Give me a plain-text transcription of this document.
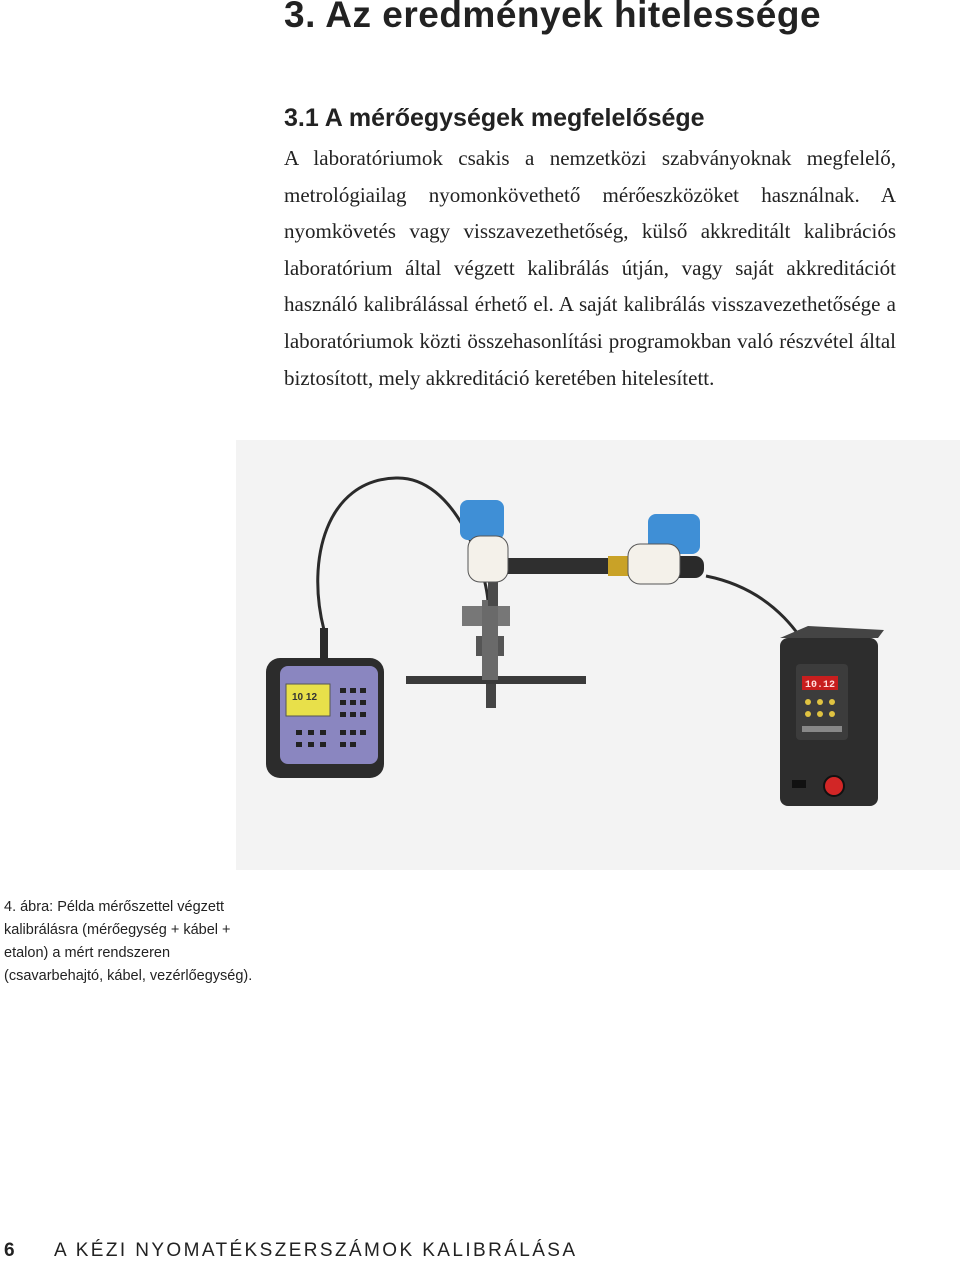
3. Az eredmények hitelessége
3.1 A mérőegységek megfelelősége

A laboratóriumok csakis a nemzetközi szabványoknak megfelelő, metrológiailag nyomonkövethető mérőeszközöket használnak. A nyomkövetés vagy visszavezethetőség, külső akkreditált kalibrációs laboratórium által végzett kalibrálás útján, vagy saját akkreditációt használó kalibrálással érhető el. A saját kalibrálás visszavezethetősége a laboratóriumok közti összehasonlítási programokban való részvétel által biztosított, mely akkreditáció keretében hitelesített.

10 12
10.12

4. ábra: Példa mérőszettel végzett kalibrálásra (mérőegység + kábel + etalon) a mért rendszeren (csavarbehajtó, kábel, vezérlőegység).

6 A KÉZI NYOMATÉKSZERSZÁMOK KALIBRÁLÁSA
